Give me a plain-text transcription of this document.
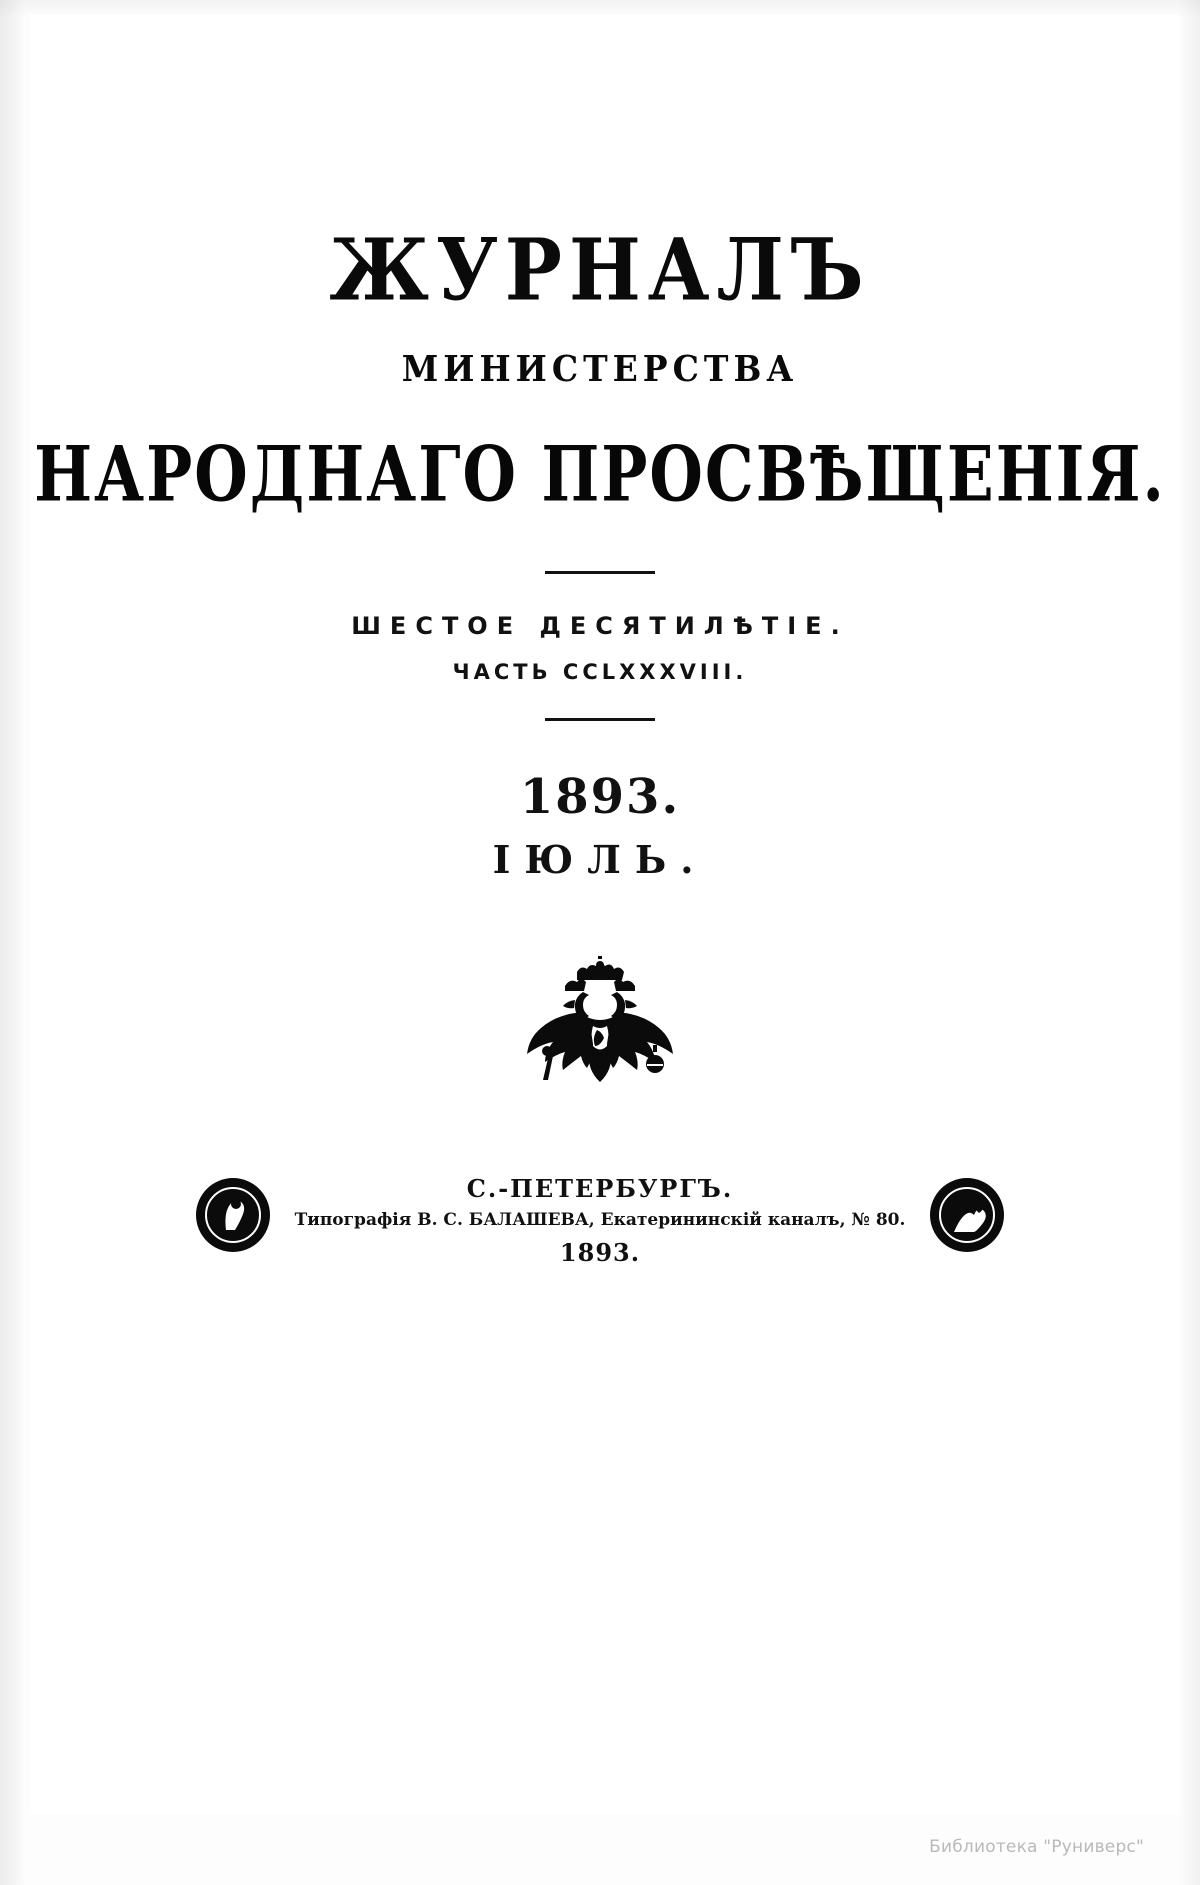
ЖУРНАЛЪ
МИНИСТЕРСТВА
НАРОДНАГО ПРОСВѢЩЕНІЯ.
ШЕСТОЕ ДЕСЯТИЛѢТІЕ.
ЧАСТЬ CCLXXXVIII.
1893.
ІЮЛЬ.
С.-ПЕТЕРБУРГЪ.
Типографія В. С. БАЛАШЕВА, Екатерининскій каналъ, № 80.
1893.
Библиотека "Руниверс"
